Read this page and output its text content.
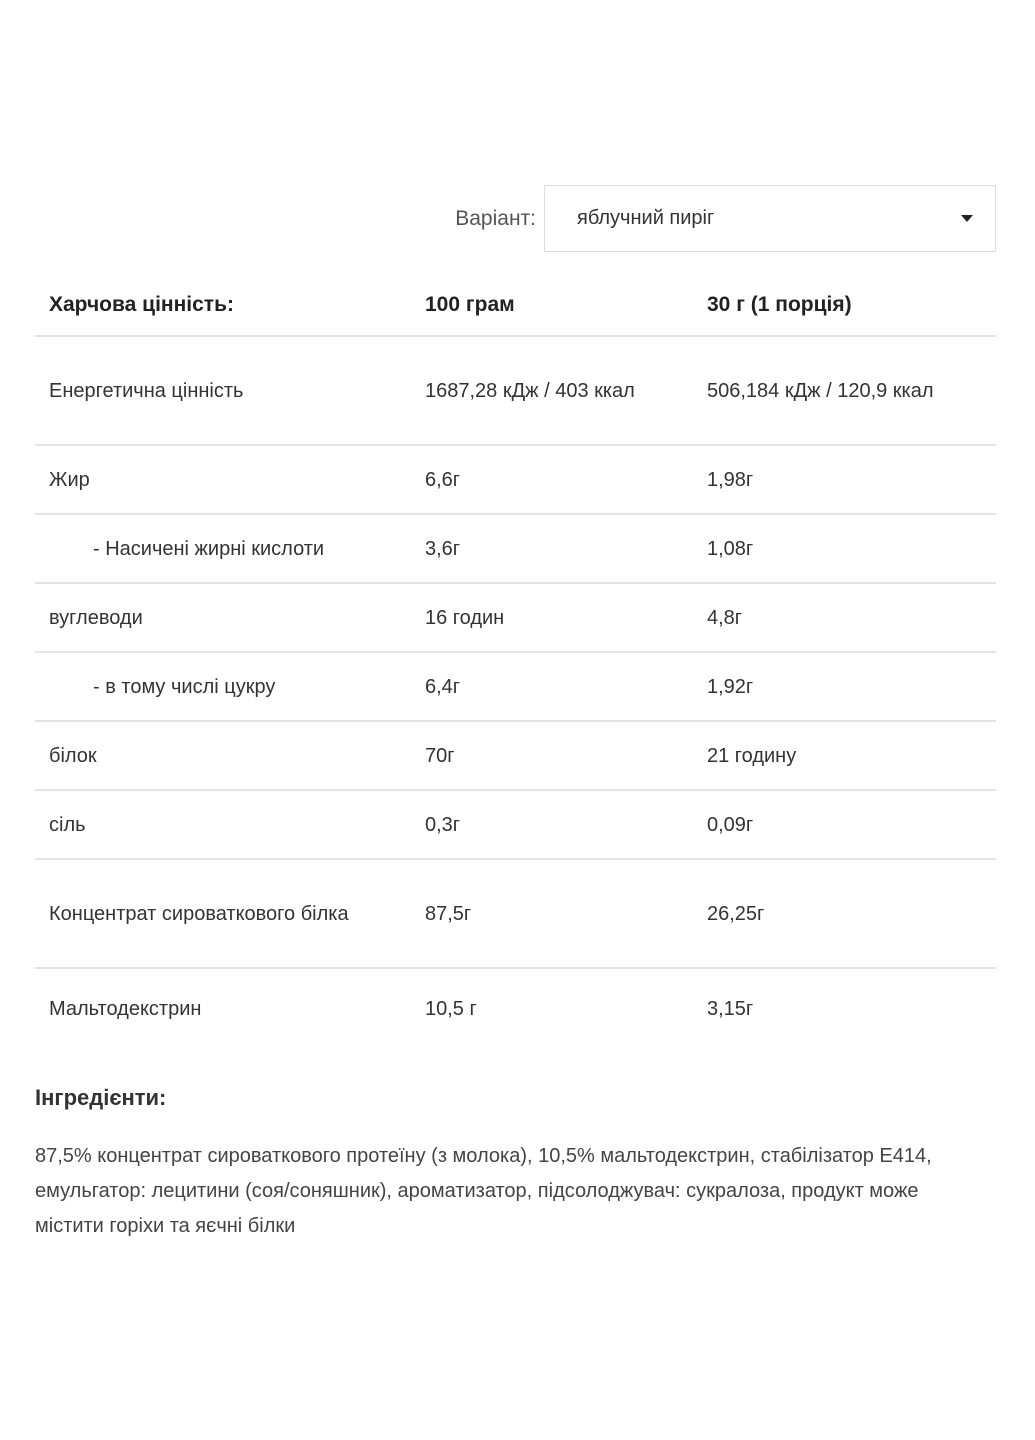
Варіант: яблучний пиріг
Харчова цінність:	100 грам	30 г (1 порція)
Енергетична цінність	1687,28 кДж / 403 ккал	506,184 кДж / 120,9 ккал
Жир	6,6г	1,98г
- Насичені жирні кислоти	3,6г	1,08г
вуглеводи	16 годин	4,8г
- в тому числі цукру	6,4г	1,92г
білок	70г	21 годину
сіль	0,3г	0,09г
Концентрат сироваткового білка	87,5г	26,25г
Мальтодекстрин	10,5 г	3,15г
Інгредієнти:
87,5% концентрат сироваткового протеїну (з молока), 10,5% мальтодекстрин, стабілізатор Е414, емульгатор: лецитини (соя/соняшник), ароматизатор, підсолоджувач: сукралоза, продукт може містити горіхи та яєчні білки
